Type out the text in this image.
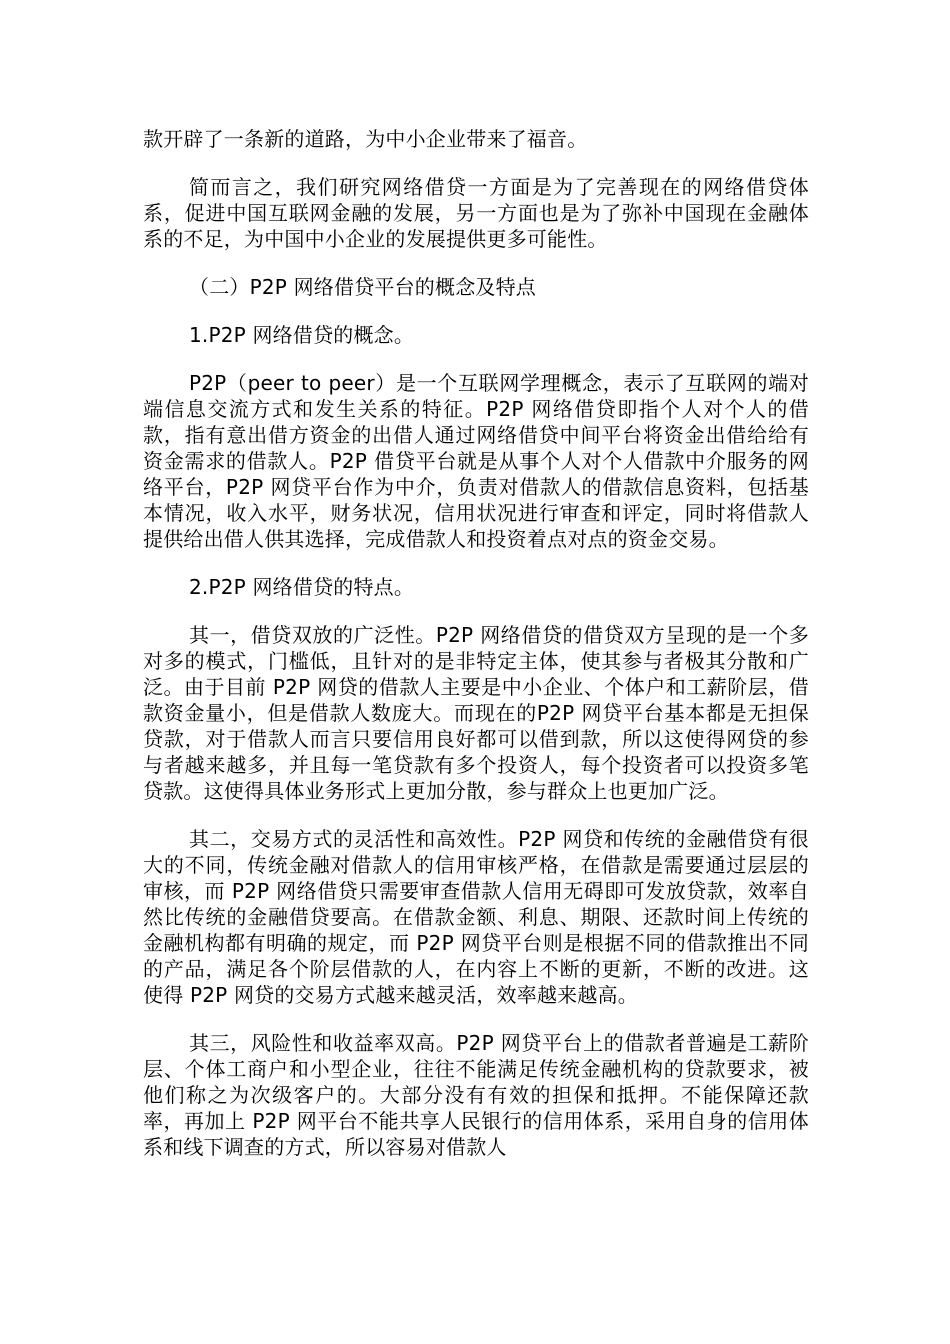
款开辟了一条新的道路，为中小企业带来了福音。

简而言之，我们研究网络借贷一方面是为了完善现在的网络借贷体系，促进中国互联网金融的发展，另一方面也是为了弥补中国现在金融体系的不足，为中国中小企业的发展提供更多可能性。

（二）P2P 网络借贷平台的概念及特点

1.P2P 网络借贷的概念。

P2P（peer to peer）是一个互联网学理概念，表示了互联网的端对端信息交流方式和发生关系的特征。P2P 网络借贷即指个人对个人的借款，指有意出借方资金的出借人通过网络借贷中间平台将资金出借给给有资金需求的借款人。P2P 借贷平台就是从事个人对个人借款中介服务的网络平台，P2P 网贷平台作为中介，负责对借款人的借款信息资料，包括基本情况，收入水平，财务状况，信用状况进行审查和评定，同时将借款人提供给出借人供其选择，完成借款人和投资着点对点的资金交易。

2.P2P 网络借贷的特点。

其一，借贷双放的广泛性。P2P 网络借贷的借贷双方呈现的是一个多对多的模式，门槛低，且针对的是非特定主体，使其参与者极其分散和广泛。由于目前 P2P 网贷的借款人主要是中小企业、个体户和工薪阶层，借款资金量小，但是借款人数庞大。而现在的P2P 网贷平台基本都是无担保贷款，对于借款人而言只要信用良好都可以借到款，所以这使得网贷的参与者越来越多，并且每一笔贷款有多个投资人，每个投资者可以投资多笔贷款。这使得具体业务形式上更加分散，参与群众上也更加广泛。

其二，交易方式的灵活性和高效性。P2P 网贷和传统的金融借贷有很大的不同，传统金融对借款人的信用审核严格，在借款是需要通过层层的审核，而 P2P 网络借贷只需要审查借款人信用无碍即可发放贷款，效率自然比传统的金融借贷要高。在借款金额、利息、期限、还款时间上传统的金融机构都有明确的规定，而 P2P 网贷平台则是根据不同的借款推出不同的产品，满足各个阶层借款的人，在内容上不断的更新，不断的改进。这使得 P2P 网贷的交易方式越来越灵活，效率越来越高。

其三，风险性和收益率双高。P2P 网贷平台上的借款者普遍是工薪阶层、个体工商户和小型企业，往往不能满足传统金融机构的贷款要求，被他们称之为次级客户的。大部分没有有效的担保和抵押。不能保障还款率，再加上 P2P 网平台不能共享人民银行的信用体系，采用自身的信用体系和线下调查的方式，所以容易对借款人
